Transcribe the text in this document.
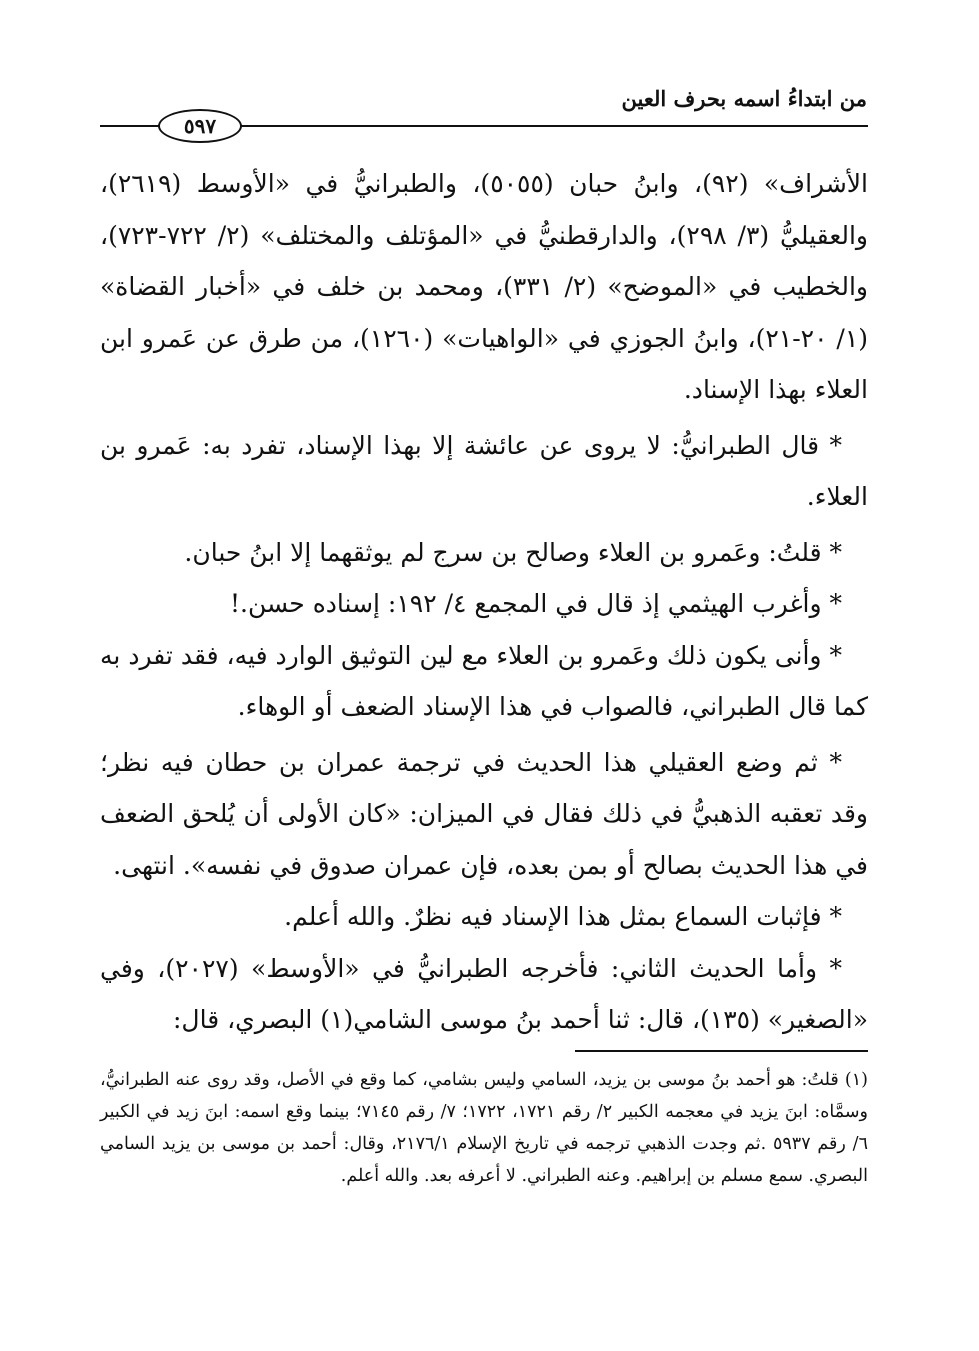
من ابتداءُ اسمه بحرف العين
٥٩٧

الأشراف» (٩٢)، وابنُ حبان (٥٠٥٥)، والطبرانيُّ في «الأوسط (٢٦١٩)، والعقيليُّ (٣/ ٢٩٨)، والدارقطنيُّ في «المؤتلف والمختلف» (٢/ ٧٢٢-٧٢٣)، والخطيب في «الموضح» (٢/ ٣٣١)، ومحمد بن خلف في «أخبار القضاة» (١/ ٢٠-٢١)، وابنُ الجوزي في «الواهيات» (١٢٦٠)، من طرق عن عَمرو ابن العلاء بهذا الإسناد.

* قال الطبرانيُّ: لا يروى عن عائشة إلا بهذا الإسناد، تفرد به: عَمرو بن العلاء.

* قلتُ: وعَمرو بن العلاء وصالح بن سرج لم يوثقهما إلا ابنُ حبان.

* وأغرب الهيثمي إذ قال في المجمع ٤/ ١٩٢: إسناده حسن.!

* وأنى يكون ذلك وعَمرو بن العلاء مع لين التوثيق الوارد فيه، فقد تفرد به كما قال الطبراني، فالصواب في هذا الإسناد الضعف أو الوهاء.

* ثم وضع العقيلي هذا الحديث في ترجمة عمران بن حطان فيه نظر؛ وقد تعقبه الذهبيُّ في ذلك فقال في الميزان: «كان الأولى أن يُلحق الضعف في هذا الحديث بصالح أو بمن بعده، فإن عمران صدوق في نفسه». انتهى.

* فإثبات السماع بمثل هذا الإسناد فيه نظرٌ. والله أعلم.

* وأما الحديث الثاني: فأخرجه الطبرانيُّ في «الأوسط» (٢٠٢٧)، وفي «الصغير» (١٣٥)، قال: ثنا أحمد بنُ موسى الشامي(١) البصري، قال:

(١) قلتُ: هو أحمد بنُ موسى بن يزيد، السامي وليس بشامي، كما وقع في الأصل، وقد روى عنه الطبرانيُّ، وسمَّاه: ابنَ يزيد في معجمه الكبير ٢/ رقم ١٧٢١، ١٧٢٢؛ ٧/ رقم ٧١٤٥؛ بينما وقع اسمه: ابنَ زيد في الكبير ٦/ رقم ٥٩٣٧ .ثم وجدت الذهبي ترجمه في تاريخ الإسلام ٢١٧٦/١، وقال: أحمد بن موسى بن يزيد السامي البصري. سمع مسلم بن إبراهيم. وعنه الطبراني. لا أعرفه بعد. والله أعلم.
